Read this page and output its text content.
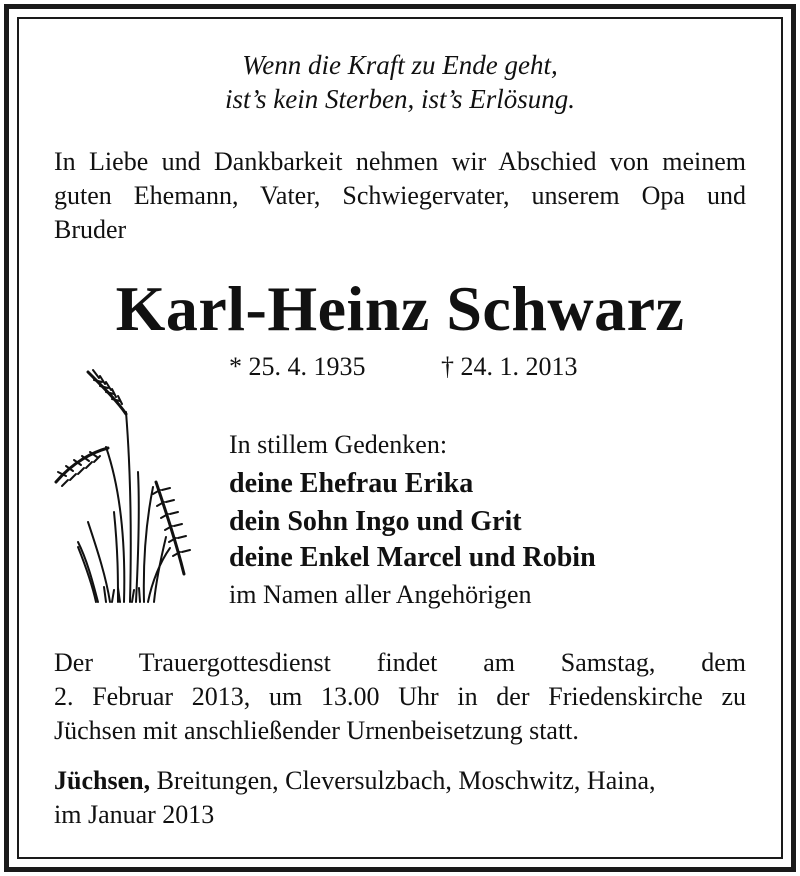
Wenn die Kraft zu Ende geht,

ist’s kein Sterben, ist’s Erlösung.

In Liebe und Dankbarkeit nehmen wir Abschied von meinem

guten Ehemann, Vater, Schwiegervater, unserem Opa und

Bruder

Karl-Heinz Schwarz

* 25. 4. 1935	† 24. 1. 2013

In stillem Gedenken:

deine Ehefrau Erika

dein Sohn Ingo und Grit

deine Enkel Marcel und Robin

im Namen aller Angehörigen

Der Trauergottesdienst findet am Samstag, dem

2. Februar 2013, um 13.00 Uhr in der Friedenskirche zu

Jüchsen mit anschließender Urnenbeisetzung statt.

Jüchsen, Breitungen, Cleversulzbach, Moschwitz, Haina,

im Januar 2013
